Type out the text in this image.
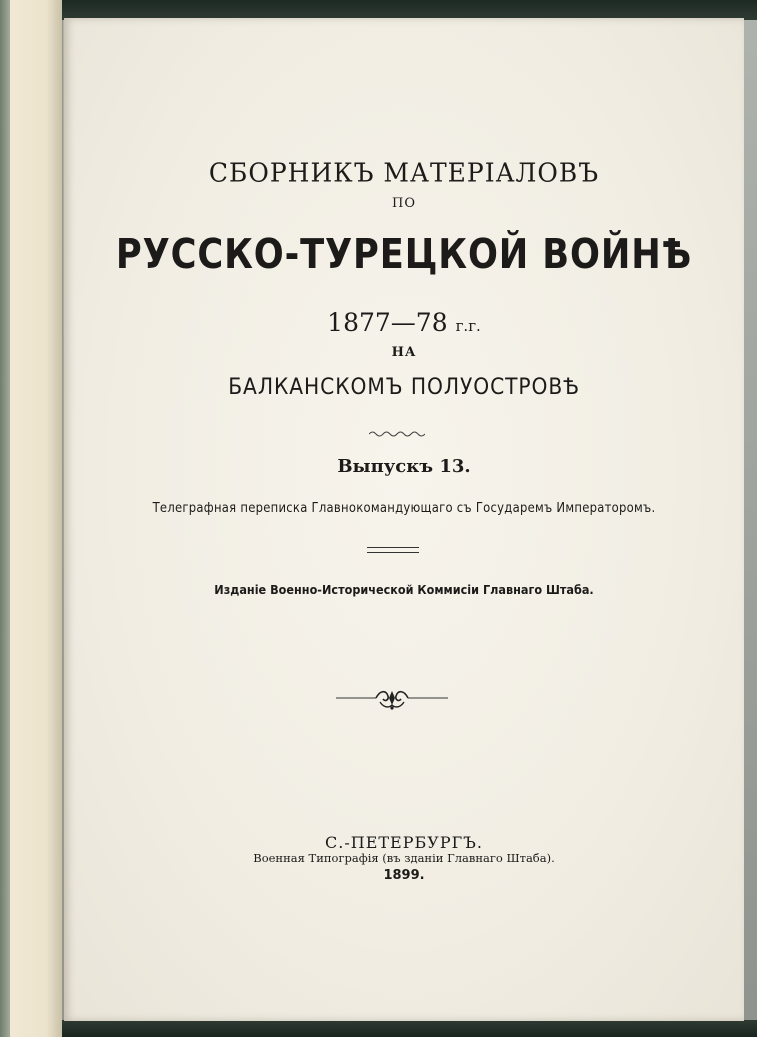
СБОРНИКЪ МАТЕРІАЛОВЪ
ПО
РУССКО-ТУРЕЦКОЙ ВОЙНѢ
1877—78 г.г.
НА
БАЛКАНСКОМЪ ПОЛУОСТРОВѢ
Выпускъ 13.
Телеграфная переписка Главнокомандующаго съ Государемъ Императоромъ.
Изданіе Военно-Исторической Коммисіи Главнаго Штаба.
С.-ПЕТЕРБУРГЪ.
Военная Типографія (въ зданіи Главнаго Штаба).
1899.
